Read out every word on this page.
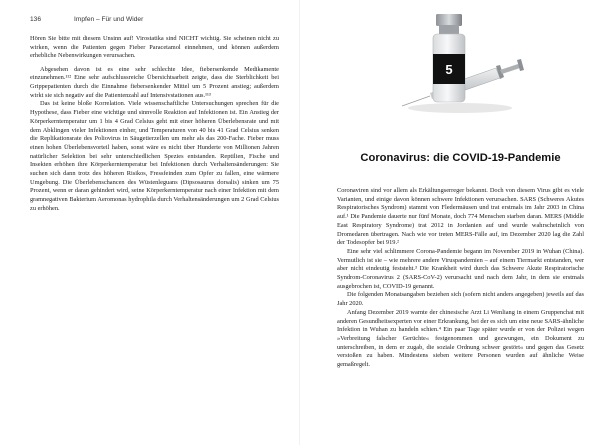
136	Impfen – Für und Wider

Hören Sie bitte mit diesem Unsinn auf! Virostatika sind NICHT wichtig. Sie scheinen nicht zu wirken, wenn die Patienten gegen Fieber Paracetamol einnehmen, und können außerdem erhebliche Nebenwirkungen verursachen.

Abgesehen davon ist es eine sehr schlechte Idee, fiebersenkende Medikamente einzunehmen.¹¹² Eine sehr aufschlussreiche Übersichtsarbeit zeigte, dass die Sterblichkeit bei Grippepatienten durch die Einnahme fiebersenkender Mittel um 5 Prozent anstieg; außerdem wirkt sie sich negativ auf die Patientenzahl auf Intensivstationen aus.¹¹³

Das ist keine bloße Korrelation. Viele wissenschaftliche Untersuchungen sprechen für die Hypothese, dass Fieber eine wichtige und sinnvolle Reaktion auf Infektionen ist. Ein Anstieg der Körperkerntemperatur um 1 bis 4 Grad Celsius geht mit einer höheren Überlebensrate und mit dem Abklingen vieler Infektionen einher, und Temperaturen von 40 bis 41 Grad Celsius senken die Replikationsrate des Poliovirus in Säugetierzellen um mehr als das 200-Fache. Fieber muss einen hohen Überlebensvorteil haben, sonst wäre es nicht über Hunderte von Millionen Jahren natürlicher Selektion bei sehr unterschiedlichen Spezies entstanden. Reptilien, Fische und Insekten erhöhen ihre Körperkerntemperatur bei Infektionen durch Verhaltensänderungen: Sie suchen sich dann trotz des höheren Risikos, Fressfeinden zum Opfer zu fallen, eine wärmere Umgebung. Die Überlebenschancen des Wüstenleguans (Dipsosaurus dorsalis) sinken um 75 Prozent, wenn er daran gehindert wird, seine Körperkerntemperatur nach einer Infektion mit dem gramnegativen Bakterium Aeromonas hydrophila durch Verhaltensänderungen um 2 Grad Celsius zu erhöhen.

5
Coronavirus: die COVID-19-Pandemie

Coronaviren sind vor allem als Erkältungserreger bekannt. Doch von diesem Virus gibt es viele Varianten, und einige davon können schwere Infektionen verursachen. SARS (Schweres Akutes Respiratorisches Syndrom) stammt von Fledermäusen und trat erstmals im Jahr 2003 in China auf.¹ Die Pandemie dauerte nur fünf Monate, doch 774 Menschen starben daran. MERS (Middle East Respiratory Syndrome) trat 2012 in Jordanien auf und wurde wahrscheinlich von Dromedaren übertragen. Nach wie vor treten MERS-Fälle auf, im Dezember 2020 lag die Zahl der Todesopfer bei 919.²

Eine sehr viel schlimmere Corona-Pandemie begann im November 2019 in Wuhan (China). Vermutlich ist sie – wie mehrere andere Viruspandemien – auf einem Tiermarkt entstanden, wer aber nicht eindeutig feststeht.³ Die Krankheit wird durch das Schwere Akute Respiratorische Syndrom-Coronavirus 2 (SARS-CoV-2) verursacht und nach dem Jahr, in dem sie erstmals ausgebrochen ist, COVID-19 genannt.

Die folgenden Monatsangaben beziehen sich (sofern nicht anders angegeben) jeweils auf das Jahr 2020.

Anfang Dezember 2019 warnte der chinesische Arzt Li Wenliang in einem Gruppenchat mit anderen Gesundheitsexperten vor einer Erkrankung, bei der es sich um eine neue SARS-ähnliche Infektion in Wuhan zu handeln schien.⁴ Ein paar Tage später wurde er von der Polizei wegen »Verbreitung falscher Gerüchte« festgenommen und gezwungen, ein Dokument zu unterschreiben, in dem er zugab, die soziale Ordnung schwer gestört« und gegen das Gesetz verstoßen zu haben. Mindestens sieben weitere Personen wurden auf ähnliche Weise gemaßregelt.
